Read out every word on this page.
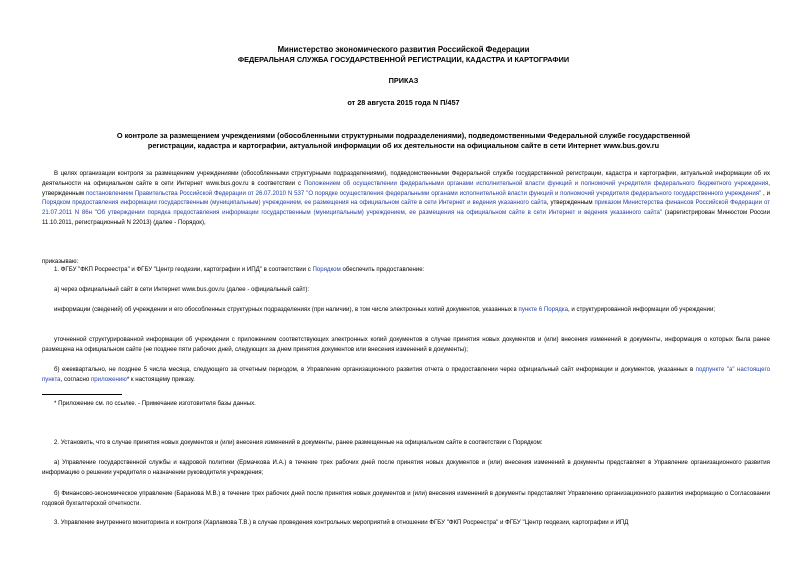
Министерство экономического развития Российской Федерации
ФЕДЕРАЛЬНАЯ СЛУЖБА ГОСУДАРСТВЕННОЙ РЕГИСТРАЦИИ, КАДАСТРА И КАРТОГРАФИИ
ПРИКАЗ
от 28 августа 2015 года N П/457
О контроле за размещением учреждениями (обособленными структурными подразделениями), подведомственными Федеральной службе государственной
регистрации, кадастра и картографии, актуальной информации об их деятельности на официальном сайте в сети Интернет www.bus.gov.ru
В целях организации контроля за размещением учреждениями (обособленными структурными подразделениями), подведомственными Федеральной службе государственной регистрации, кадастра и картографии, актуальной информации об их деятельности на официальном сайте в сети Интернет www.bus.gov.ru в соответствии с Положением об осуществлении федеральными органами исполнительной власти функций и полномочий учредителя федерального бюджетного учреждения, утвержденным постановлением Правительства Российской Федерации от 26.07.2010 N 537 "О порядке осуществления федеральными органами исполнительной власти функций и полномочий учредителя федерального государственного учреждения" , и Порядком предоставления информации государственным (муниципальным) учреждением, ее размещения на официальном сайте в сети Интернет и ведения указанного сайта, утвержденным приказом Министерства финансов Российской Федерации от 21.07.2011 N 86н "Об утверждении порядка предоставления информации государственным (муниципальным) учреждением, ее размещения на официальном сайте в сети Интернет и ведения указанного сайта" (зарегистрирован Минюстом России 11.10.2011, регистрационный N 22013) (далее - Порядок),
приказываю:
1. ФГБУ "ФКП Росреестра" и ФГБУ "Центр геодезии, картографии и ИПД" в соответствии с Порядком обеспечить предоставление:
а) через официальный сайт в сети Интернет www.bus.gov.ru (далее - официальный сайт):
информации (сведений) об учреждении и его обособленных структурных подразделениях (при наличии), в том числе электронных копий документов, указанных в пункте 6 Порядка, и структурированной информации об учреждении;
уточненной структурированной информации об учреждении с приложением соответствующих электронных копий документов в случае принятия новых документов и (или) внесения изменений в документы, информация о которых была ранее размещена на официальном сайте (не позднее пяти рабочих дней, следующих за днем принятия документов или внесения изменений в документы);
б) ежеквартально, не позднее 5 числа месяца, следующего за отчетным периодом, в Управление организационного развития отчета о предоставлении через официальный сайт информации и документов, указанных в подпункте "а" настоящего пункта, согласно приложению* к настоящему приказу.
* Приложение см. по ссылке. - Примечание изготовителя базы данных.
2. Установить, что в случае принятия новых документов и (или) внесения изменений в документы, ранее размещенные на официальном сайте в соответствии с Порядком:
а) Управление государственной службы и кадровой политики (Ермачкова И.А.) в течение трех рабочих дней после принятия новых документов и (или) внесения изменений в документы представляет в Управление организационного развития информацию о решении учредителя о назначении руководителя учреждения;
б) Финансово-экономическое управление (Баранова М.В.) в течение трех рабочих дней после принятия новых документов и (или) внесения изменений в документы представляет Управлению организационного развития информацию о Согласовании годовой бухгалтерской отчетности.
3. Управление внутреннего мониторинга и контроля (Харламова Т.В.) в случае проведения контрольных мероприятий в отношении ФГБУ "ФКП Росреестра" и ФГБУ "Центр геодезии, картографии и ИПД
